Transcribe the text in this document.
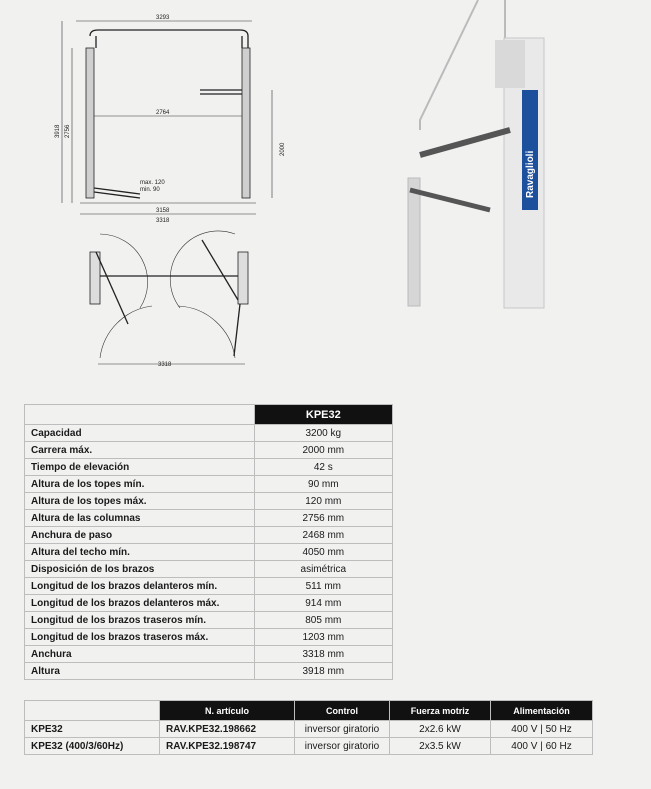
3293
3918 2756
2000
2764
max. 120
min. 90
3158
3318
3318
Ravaglioli
	KPE32
Capacidad	3200 kg
Carrera máx.	2000 mm
Tiempo de elevación	42 s
Altura de los topes mín.	90 mm
Altura de los topes máx.	120 mm
Altura de las columnas	2756 mm
Anchura de paso	2468 mm
Altura del techo mín.	4050 mm
Disposición de los brazos	asimétrica
Longitud de los brazos delanteros mín.	511 mm
Longitud de los brazos delanteros máx.	914 mm
Longitud de los brazos traseros mín.	805 mm
Longitud de los brazos traseros máx.	1203 mm
Anchura	3318 mm
Altura	3918 mm
	N. artículo	Control	Fuerza motriz	Alimentación
KPE32	RAV.KPE32.198662	inversor giratorio	2x2.6 kW	400 V | 50 Hz
KPE32 (400/3/60Hz)	RAV.KPE32.198747	inversor giratorio	2x3.5 kW	400 V | 60 Hz
